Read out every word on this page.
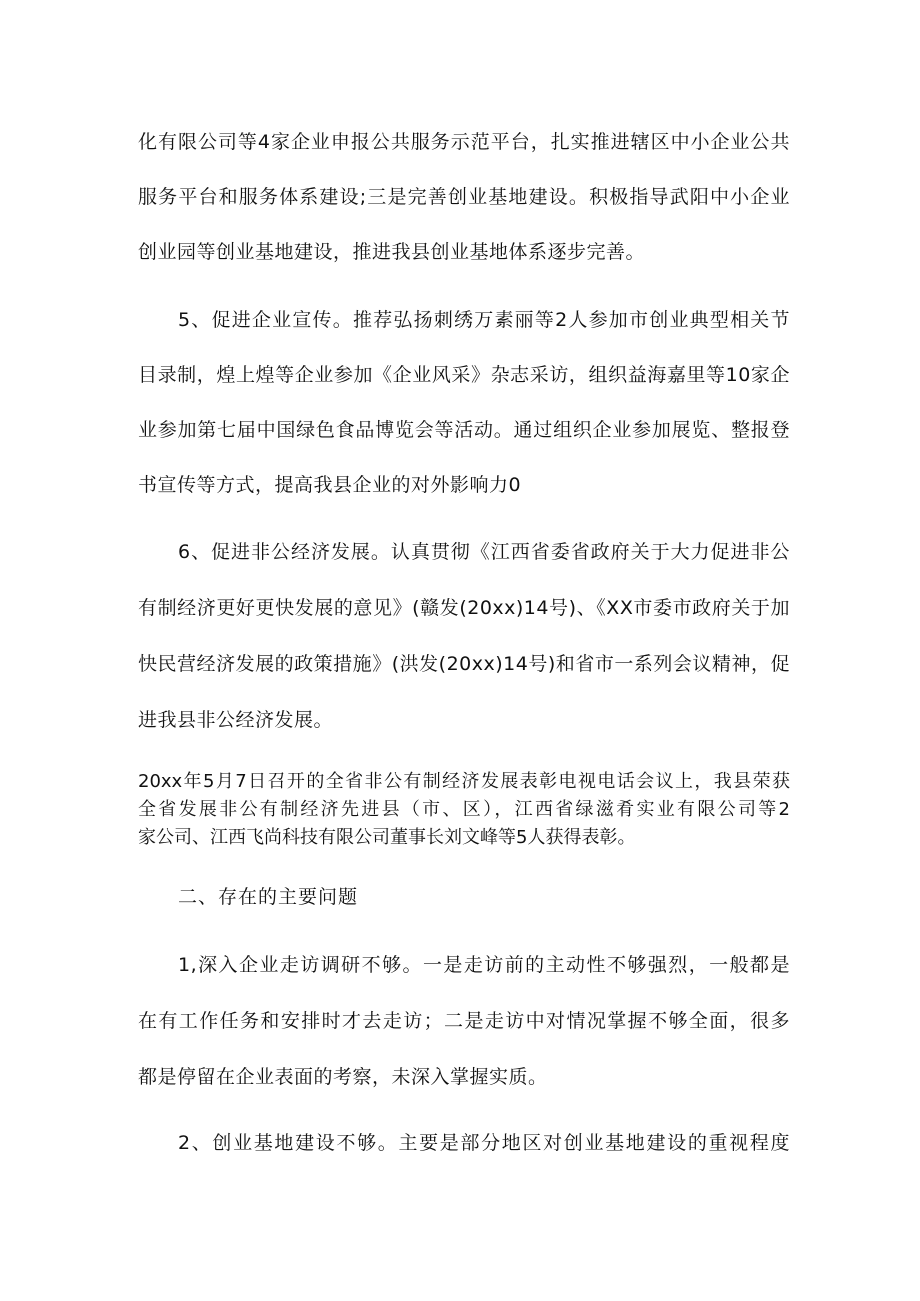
化有限公司等4家企业申报公共服务示范平台，扎实推进辖区中小企业公共
服务平台和服务体系建设;三是完善创业基地建设。积极指导武阳中小企业
创业园等创业基地建设，推进我县创业基地体系逐步完善。
5、促进企业宣传。推荐弘扬刺绣万素丽等2人参加市创业典型相关节
目录制，煌上煌等企业参加《企业风采》杂志采访，组织益海嘉里等10家企
业参加第七届中国绿色食品博览会等活动。通过组织企业参加展览、整报登
书宣传等方式，提高我县企业的对外影响力0
6、促进非公经济发展。认真贯彻《江西省委省政府关于大力促进非公
有制经济更好更快发展的意见》(赣发(20xx)14号)、《XX市委市政府关于加
快民营经济发展的政策措施》(洪发(20xx)14号)和省市一系列会议精神，促
进我县非公经济发展。
20xx年5月7日召开的全省非公有制经济发展表彰电视电话会议上，我县荣获
全省发展非公有制经济先进县（市、区），江西省绿滋肴实业有限公司等2
家公司、江西飞尚科技有限公司董事长刘文峰等5人获得表彰。
二、存在的主要问题
1,深入企业走访调研不够。一是走访前的主动性不够强烈，一般都是
在有工作任务和安排时才去走访；二是走访中对情况掌握不够全面，很多
都是停留在企业表面的考察，未深入掌握实质。
2、创业基地建设不够。主要是部分地区对创业基地建设的重视程度
